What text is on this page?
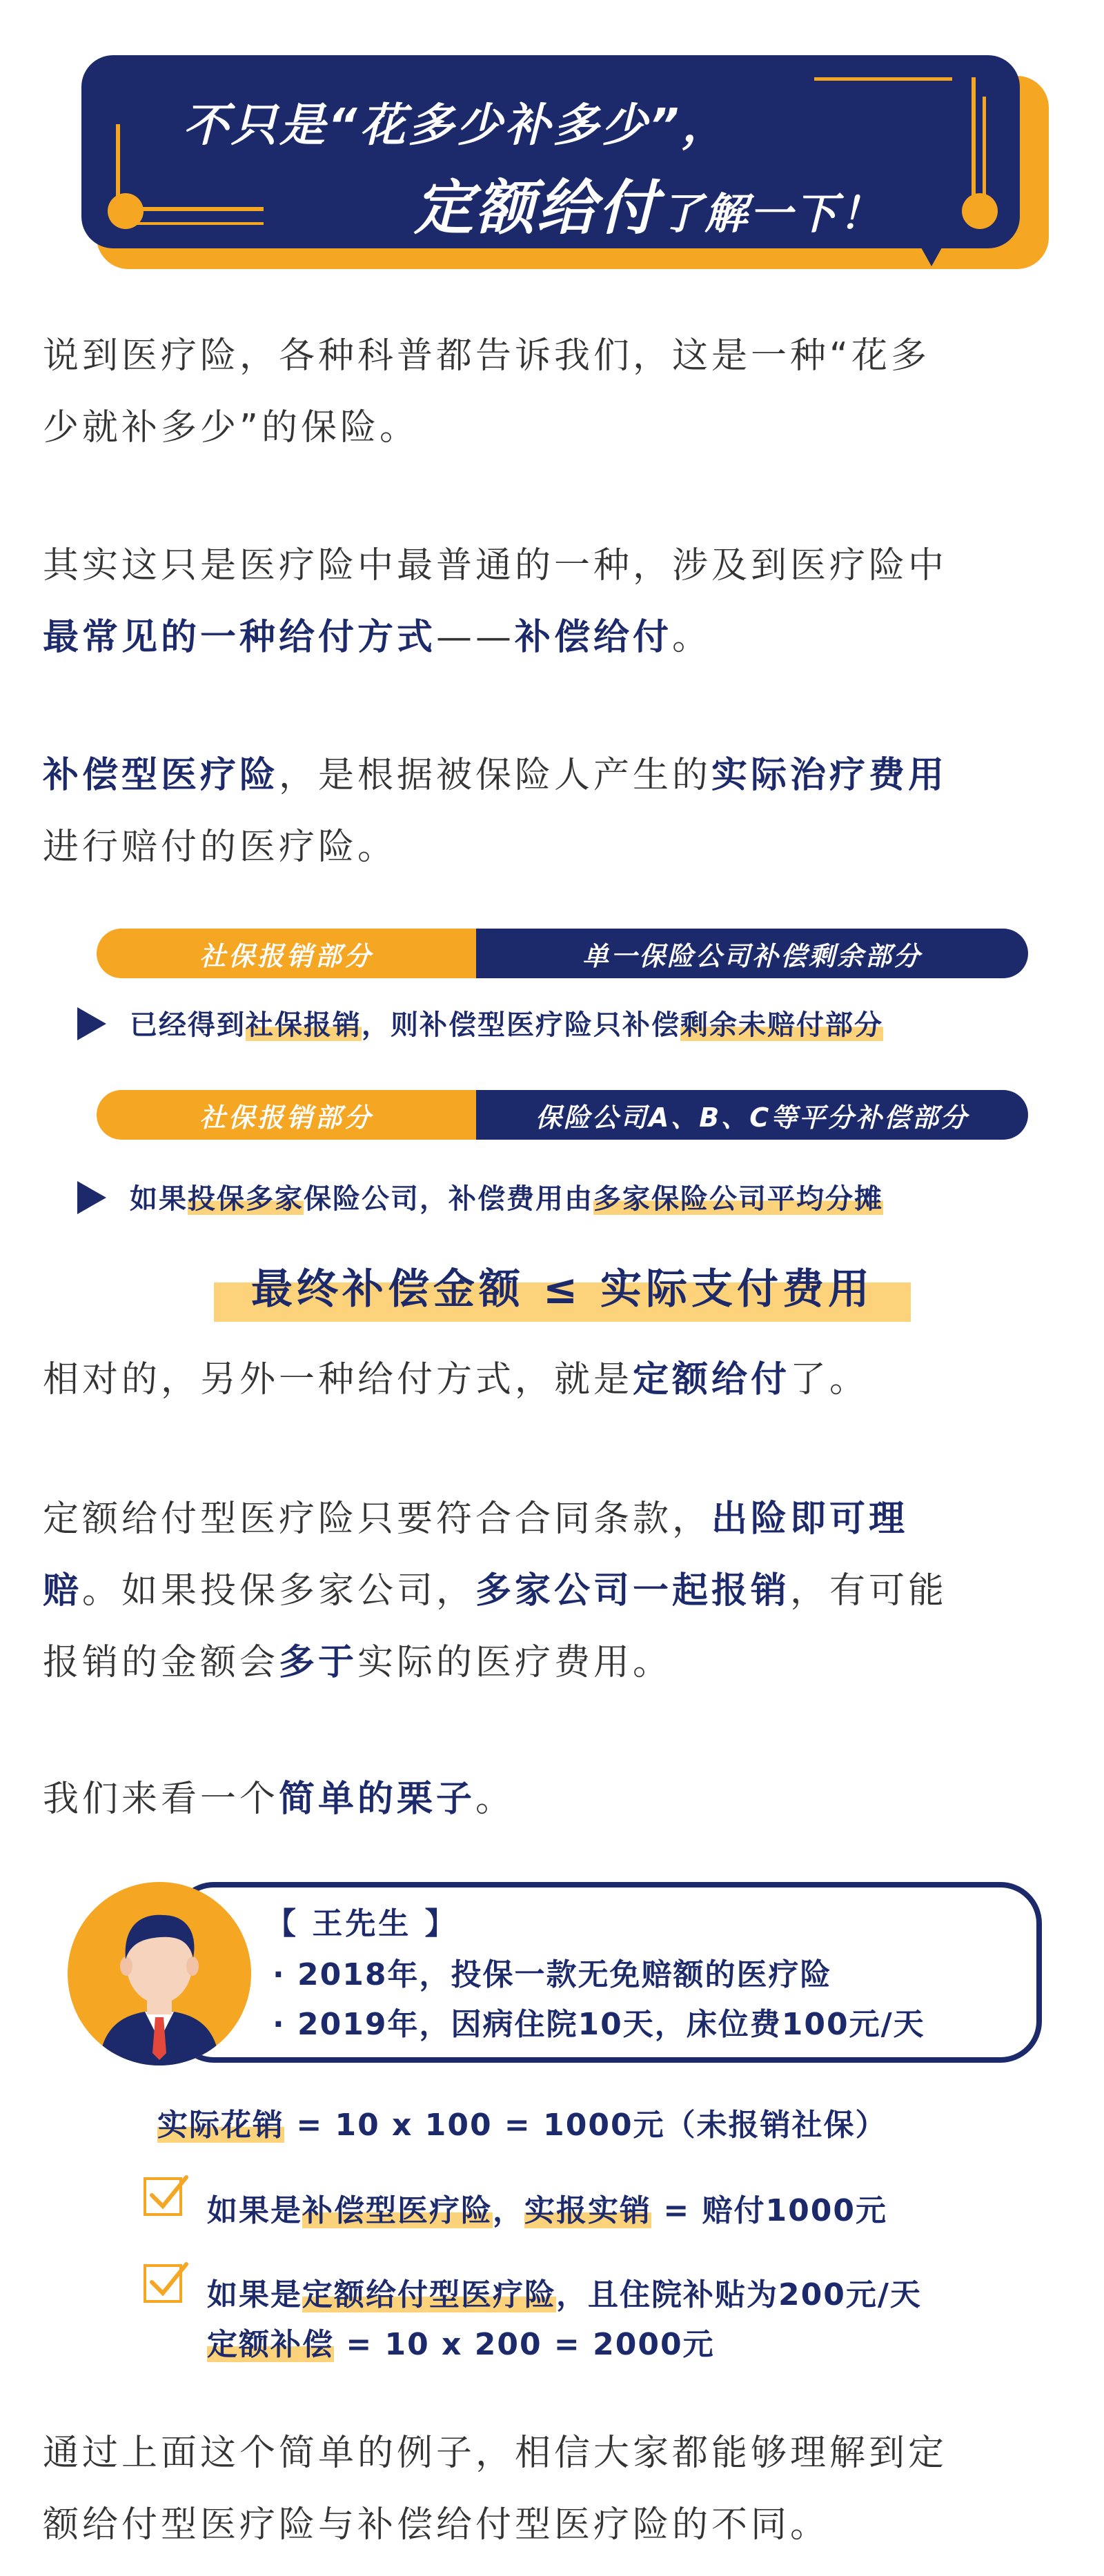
不只是“花多少补多少”，
定额给付了解一下！
说到医疗险，各种科普都告诉我们，这是一种“花多
少就补多少”的保险。
其实这只是医疗险中最普通的一种，涉及到医疗险中
最常见的一种给付方式——补偿给付。
补偿型医疗险，是根据被保险人产生的实际治疗费用
进行赔付的医疗险。
社保报销部分	单一保险公司补偿剩余部分
已经得到社保报销，则补偿型医疗险只补偿剩余未赔付部分
社保报销部分	保险公司A、B、C等平分补偿部分
如果投保多家保险公司，补偿费用由多家保险公司平均分摊
最终补偿金额 ≤ 实际支付费用
相对的，另外一种给付方式，就是定额给付了。
定额给付型医疗险只要符合合同条款，出险即可理
赔。如果投保多家公司，多家公司一起报销，有可能
报销的金额会多于实际的医疗费用。
我们来看一个简单的栗子。
【 王先生 】
· 2018年，投保一款无免赔额的医疗险
· 2019年，因病住院10天，床位费100元/天
实际花销 = 10 x 100 = 1000元（未报销社保）
如果是补偿型医疗险，实报实销 = 赔付1000元
如果是定额给付型医疗险，且住院补贴为200元/天
定额补偿 = 10 x 200 = 2000元
通过上面这个简单的例子，相信大家都能够理解到定
额给付型医疗险与补偿给付型医疗险的不同。
